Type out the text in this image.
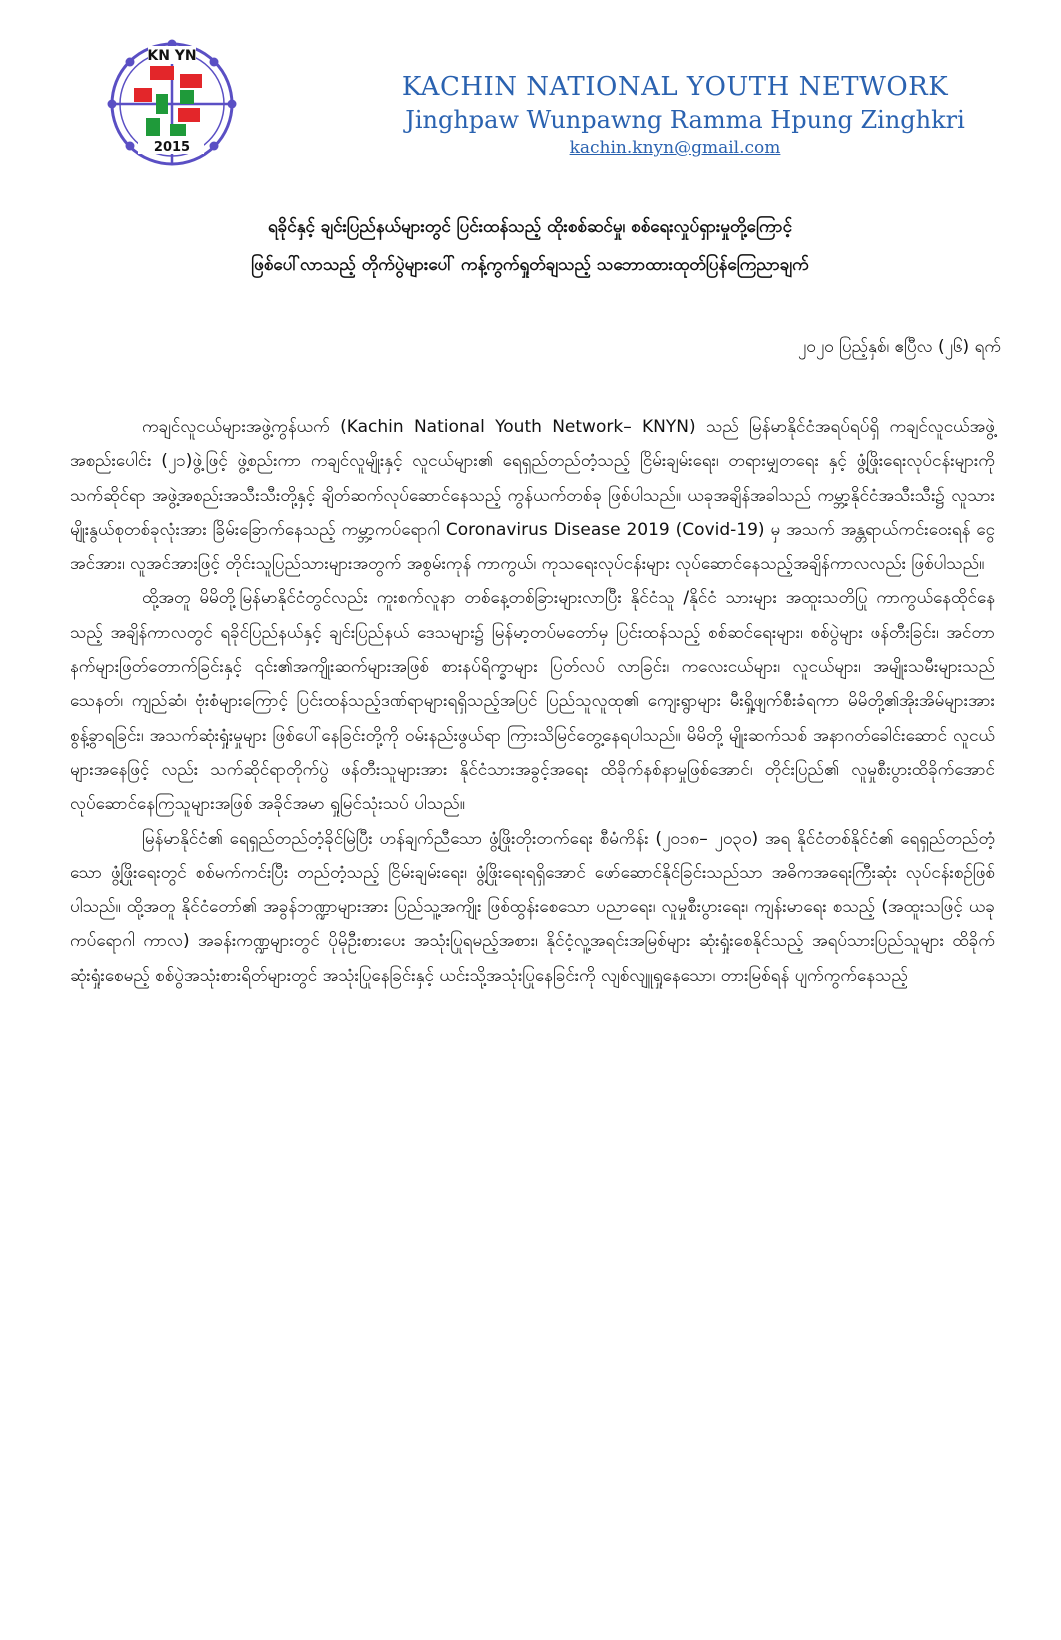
KN YN
2015
KACHIN NATIONAL YOUTH NETWORK
Jinghpaw Wunpawng Ramma Hpung Zinghkri
kachin.knyn@gmail.com
ရခိုင်နှင့် ချင်းပြည်နယ်များတွင် ပြင်းထန်သည့် ထိုးစစ်ဆင်မှု၊ စစ်ရေးလှုပ်ရှားမှုတို့ကြောင့်
ဖြစ်ပေါ်လာသည့် တိုက်ပွဲများပေါ် ကန့်ကွက်ရှုတ်ချသည့် သဘောထားထုတ်ပြန်ကြေညာချက်
၂၀၂၀ ပြည့်နှစ်၊ ဧပြီလ (၂၆) ရက်

ကချင်လူငယ်များအဖွဲ့ကွန်ယက် (Kachin National Youth Network– KNYN) သည် မြန်မာနိုင်ငံအရပ်ရပ်ရှိ ကချင်လူငယ်အဖွဲ့အစည်းပေါင်း (၂၁)ဖွဲ့ဖြင့် ဖွဲ့စည်းကာ ကချင်လူမျိုးနှင့် လူငယ်များ၏ ရေရှည်တည်တံ့သည့် ငြိမ်းချမ်းရေး၊ တရားမျှတရေး နှင့် ဖွံ့ဖြိုးရေးလုပ်ငန်းများကို သက်ဆိုင်ရာ အဖွဲ့အစည်းအသီးသီးတို့နှင့် ချိတ်ဆက်လုပ်ဆောင်နေသည့် ကွန်ယက်တစ်ခု ဖြစ်ပါသည်။ ယခုအချိန်အခါသည် ကမ္ဘာ့နိုင်ငံအသီးသီး၌ လူသားမျိုးနွယ်စုတစ်ခုလုံးအား ခြိမ်းခြောက်နေသည့် ကမ္ဘာ့ကပ်ရောဂါ Coronavirus Disease 2019 (Covid-19) မှ အသက် အန္တရာယ်ကင်းဝေးရန် ငွေအင်အား၊ လူအင်အားဖြင့် တိုင်းသူပြည်သားများအတွက် အစွမ်းကုန် ကာကွယ်၊ ကုသရေးလုပ်ငန်းများ လုပ်ဆောင်နေသည့်အချိန်ကာလလည်း ဖြစ်ပါသည်။

ထို့အတူ မိမိတို့မြန်မာနိုင်ငံတွင်လည်း ကူးစက်လူနာ တစ်နေ့တစ်ခြားများလာပြီး နိုင်ငံသူ /နိုင်ငံ သားများ အထူးသတိပြု ကာကွယ်နေထိုင်နေသည့် အချိန်ကာလတွင် ရခိုင်ပြည်နယ်နှင့် ချင်းပြည်နယ် ဒေသများ၌ မြန်မာ့တပ်မတော်မှ ပြင်းထန်သည့် စစ်ဆင်ရေးများ၊ စစ်ပွဲများ ဖန်တီးခြင်း၊ အင်တာနက်များဖြတ်တောက်ခြင်းနှင့် ၎င်း၏အကျိုးဆက်များအဖြစ် စားနပ်ရိက္ခာများ ပြတ်လပ် လာခြင်း၊ ကလေးငယ်များ၊ လူငယ်များ၊ အမျိုးသမီးများသည် သေနတ်၊ ကျည်ဆံ၊ ဗုံးစံများကြောင့် ပြင်းထန်သည့်ဒဏ်ရာများရရှိသည့်အပြင် ပြည်သူလူထု၏ ကျေးရွာများ မီးရှို့ဖျက်စီးခံရကာ မိမိတို့၏အိုးအိမ်များအား စွန့်ခွာရခြင်း၊ အသက်ဆုံးရှုံးမှုများ ဖြစ်ပေါ်နေခြင်းတို့ကို ဝမ်းနည်းဖွယ်ရာ ကြားသိမြင်တွေ့နေရပါသည်။ မိမိတို့ မျိုးဆက်သစ် အနာဂတ်ခေါင်းဆောင် လူငယ်များအနေဖြင့် လည်း သက်ဆိုင်ရာတိုက်ပွဲ ဖန်တီးသူများအား နိုင်ငံသားအခွင့်အရေး ထိခိုက်နစ်နာမှုဖြစ်အောင်၊ တိုင်းပြည်၏ လူမှုစီးပွားထိခိုက်အောင် လုပ်ဆောင်နေကြသူများအဖြစ် အခိုင်အမာ ရှုမြင်သုံးသပ် ပါသည်။

မြန်မာနိုင်ငံ၏ ရေရှည်တည်တံ့ခိုင်မြဲပြီး ဟန်ချက်ညီသော ဖွံ့ဖြိုးတိုးတက်ရေး စီမံကိန်း (၂၀၁၈– ၂၀၃၀) အရ နိုင်ငံတစ်နိုင်ငံ၏ ရေရှည်တည်တံ့သော ဖွံ့ဖြိုးရေးတွင် စစ်မက်ကင်းပြီး တည်တံ့သည့် ငြိမ်းချမ်းရေး၊ ဖွံ့ဖြိုးရေးရရှိအောင် ဖော်ဆောင်နိုင်ခြင်းသည်သာ အဓိကအရေးကြီးဆုံး လုပ်ငန်းစဉ်ဖြစ်ပါသည်။ ထို့အတူ နိုင်ငံတော်၏ အခွန်ဘဏ္ဍာများအား ပြည်သူ့အကျိုး ဖြစ်ထွန်းစေသော ပညာရေး၊ လူမှုစီးပွားရေး၊ ကျန်းမာရေး စသည့် (အထူးသဖြင့် ယခုကပ်ရောဂါ ကာလ) အခန်းကဏ္ဍများတွင် ပိုမိုဦးစားပေး အသုံးပြုရမည့်အစား၊ နိုင်ငံ့လူ့အရင်းအမြစ်များ ဆုံးရှုံးစေနိုင်သည့် အရပ်သားပြည်သူများ ထိခိုက်ဆုံးရှုံးစေမည့် စစ်ပွဲအသုံးစားရိတ်များတွင် အသုံးပြုနေခြင်းနှင့် ယင်းသို့အသုံးပြုနေခြင်းကို လျစ်လျူရှုနေသော၊ တားမြစ်ရန် ပျက်ကွက်နေသည့်
